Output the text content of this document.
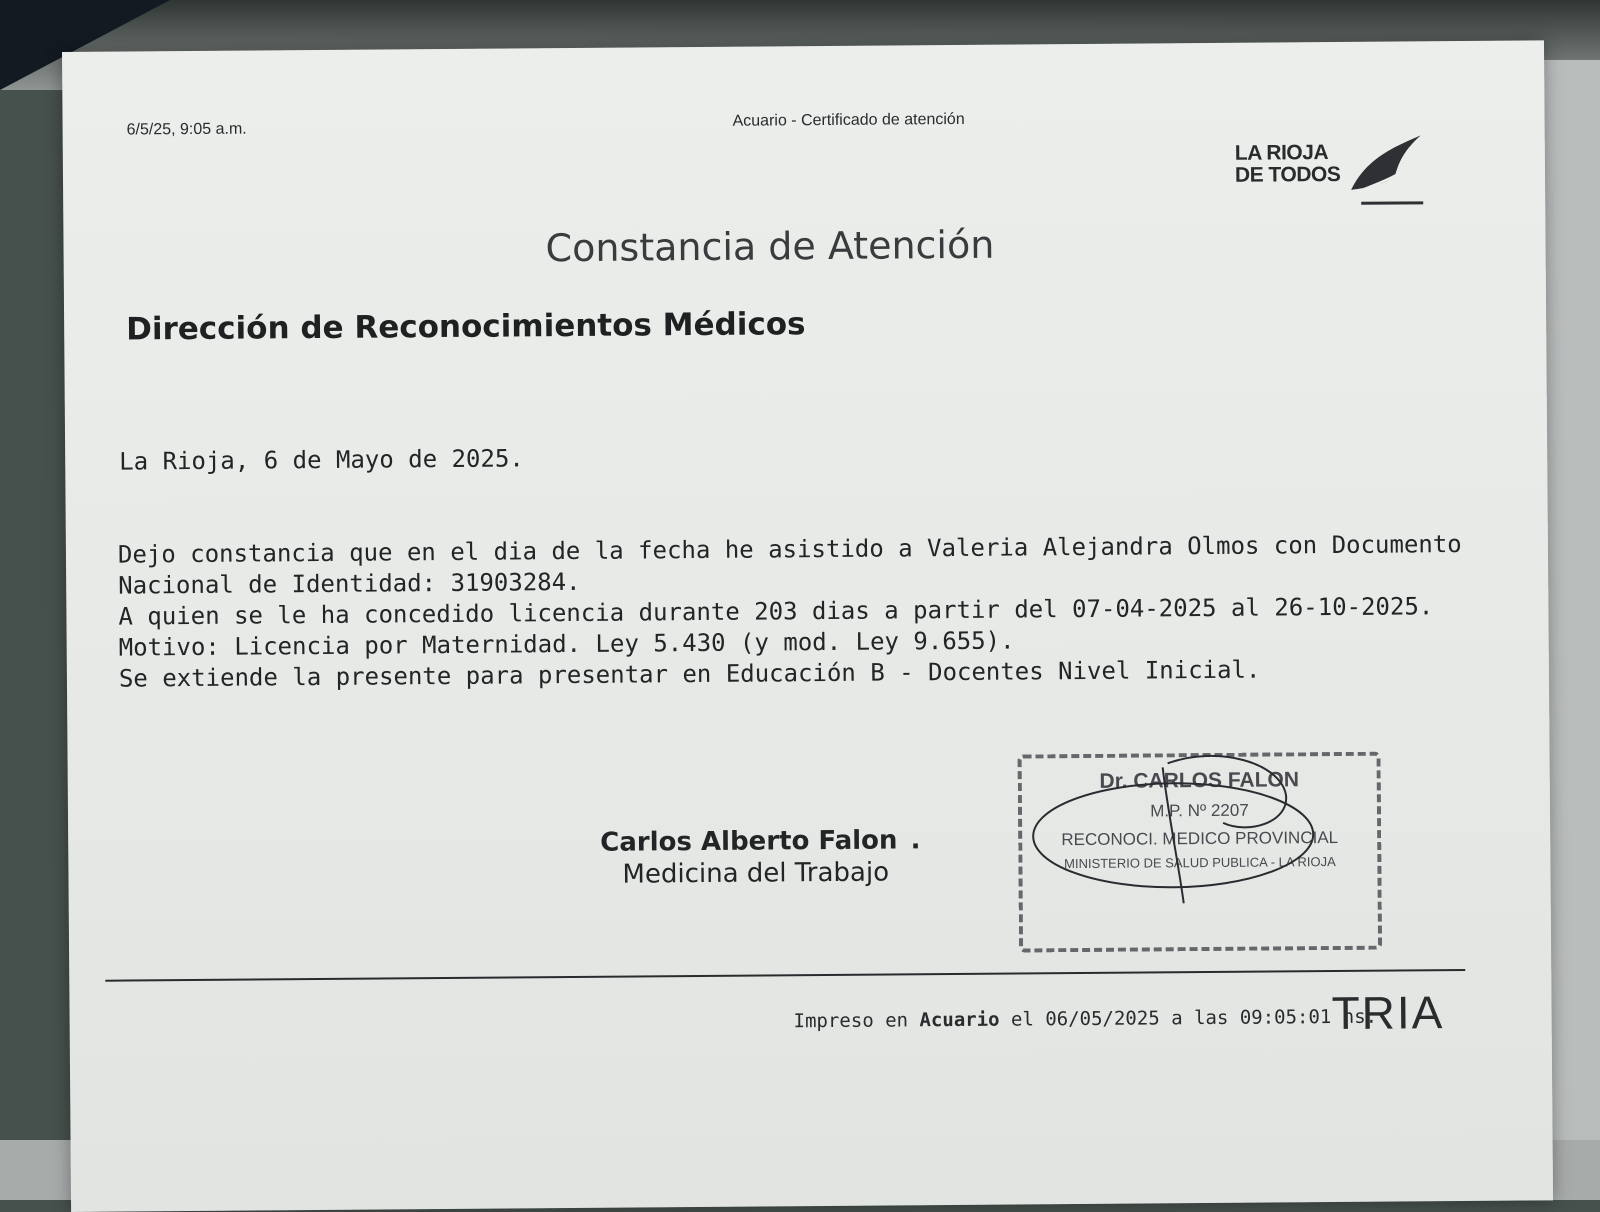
6/5/25, 9:05 a.m.	Acuario - Certificado de atención
LA RIOJA
DE TODOS
Constancia de Atención
Dirección de Reconocimientos Médicos
La Rioja, 6 de Mayo de 2025.
Dejo constancia que en el dia de la fecha he asistido a Valeria Alejandra Olmos con Documento
Nacional de Identidad: 31903284.
A quien se le ha concedido licencia durante 203 dias a partir del 07-04-2025 al 26-10-2025.
Motivo: Licencia por Maternidad. Ley 5.430 (y mod. Ley 9.655).
Se extiende la presente para presentar en Educación B - Docentes Nivel Inicial.
Carlos Alberto Falon .
Medicina del Trabajo
Dr. CARLOS FALON
M.P. Nº 2207
RECONOCI. MEDICO PROVINCIAL
MINISTERIO DE SALUD PUBLICA - LA RIOJA
Impreso en Acuario el 06/05/2025 a las 09:05:01 hs.
TRIA
